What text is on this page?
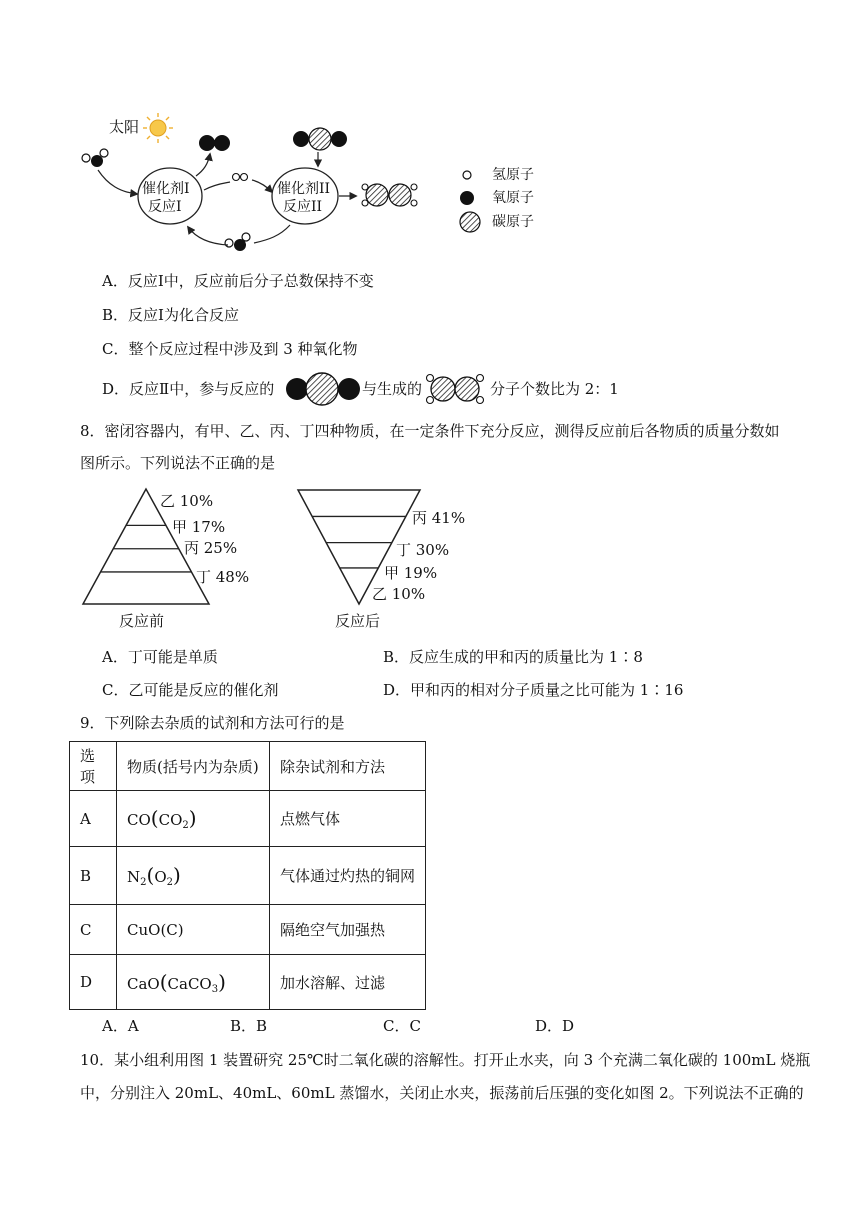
太阳
催化剂I
反应I
催化剂II
反应II
氢原子
氧原子
碳原子
A．反应Ⅰ中，反应前后分子总数保持不变
B．反应Ⅰ为化合反应
C．整个反应过程中涉及到 3 种氧化物
D．反应Ⅱ中，参与反应的	与生成的	分子个数比为 2：1
8．密闭容器内，有甲、乙、丙、丁四种物质，在一定条件下充分反应，测得反应前后各物质的质量分数如
图所示。下列说法不正确的是
乙 10%
甲 17%
丙 25%
丁 48%
反应前
丙 41%
丁 30%
甲 19%
乙 10%
反应后
A．丁可能是单质	B．反应生成的甲和丙的质量比为 1∶8
C．乙可能是反应的催化剂	D．甲和丙的相对分子质量之比可能为 1∶16
9．下列除去杂质的试剂和方法可行的是
选项	物质(括号内为杂质)	除杂试剂和方法
A	$CO(CO_2)$	点燃气体
B	$N_2(O_2)$	气体通过灼热的铜网
C	CuO(C)	隔绝空气加强热
D	CaO(CaCO$_3$)	加水溶解、过滤
A．A	B．B	C．C	D．D
10．某小组利用图 1 装置研究 25℃时二氧化碳的溶解性。打开止水夹，向 3 个充满二氧化碳的 100mL 烧瓶
中，分别注入 20mL、40mL、60mL 蒸馏水，关闭止水夹，振荡前后压强的变化如图 2。下列说法不正确的
